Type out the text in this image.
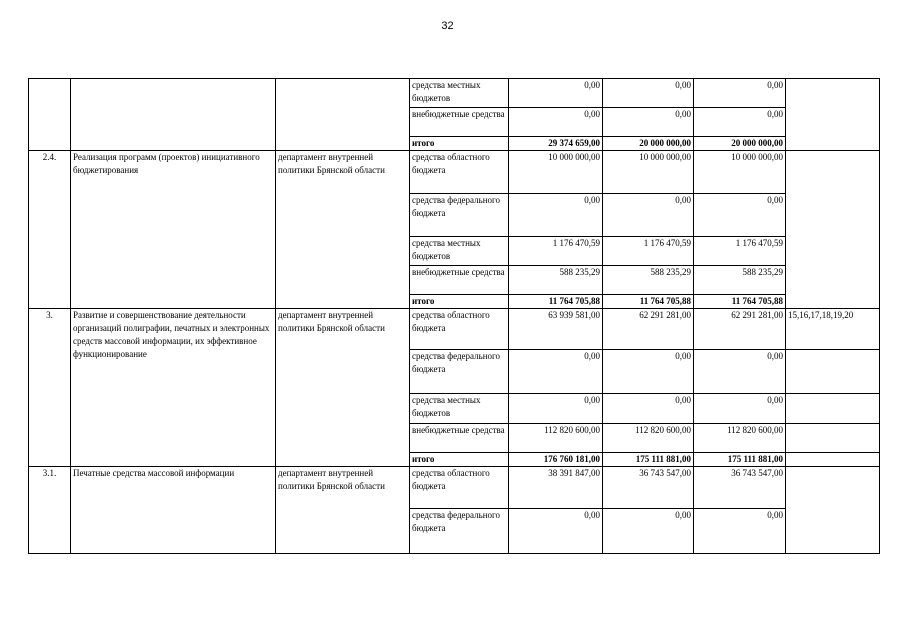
32
			средства местных бюджетов	0,00	0,00	0,00	
			внебюджетные средства	0,00	0,00	0,00	
			итого	29 374 659,00	20 000 000,00	20 000 000,00	
2.4.	Реализация программ (проектов) инициативного бюджетирования	департамент внутренней политики Брянской области	средства областного бюджета	10 000 000,00	10 000 000,00	10 000 000,00	
			средства федерального бюджета	0,00	0,00	0,00	
			средства местных бюджетов	1 176 470,59	1 176 470,59	1 176 470,59	
			внебюджетные средства	588 235,29	588 235,29	588 235,29	
			итого	11 764 705,88	11 764 705,88	11 764 705,88	
3.	Развитие и совершенствование деятельности организаций полиграфии, печатных и электронных средств массовой информации, их эффективное функционирование	департамент внутренней политики Брянской области	средства областного бюджета	63 939 581,00	62 291 281,00	62 291 281,00	15,16,17,18,19,20
			средства федерального бюджета	0,00	0,00	0,00	
			средства местных бюджетов	0,00	0,00	0,00	
			внебюджетные средства	112 820 600,00	112 820 600,00	112 820 600,00	
			итого	176 760 181,00	175 111 881,00	175 111 881,00	
3.1.	Печатные средства массовой информации	департамент внутренней политики Брянской области	средства областного бюджета	38 391 847,00	36 743 547,00	36 743 547,00	
			средства федерального бюджета	0,00	0,00	0,00	
